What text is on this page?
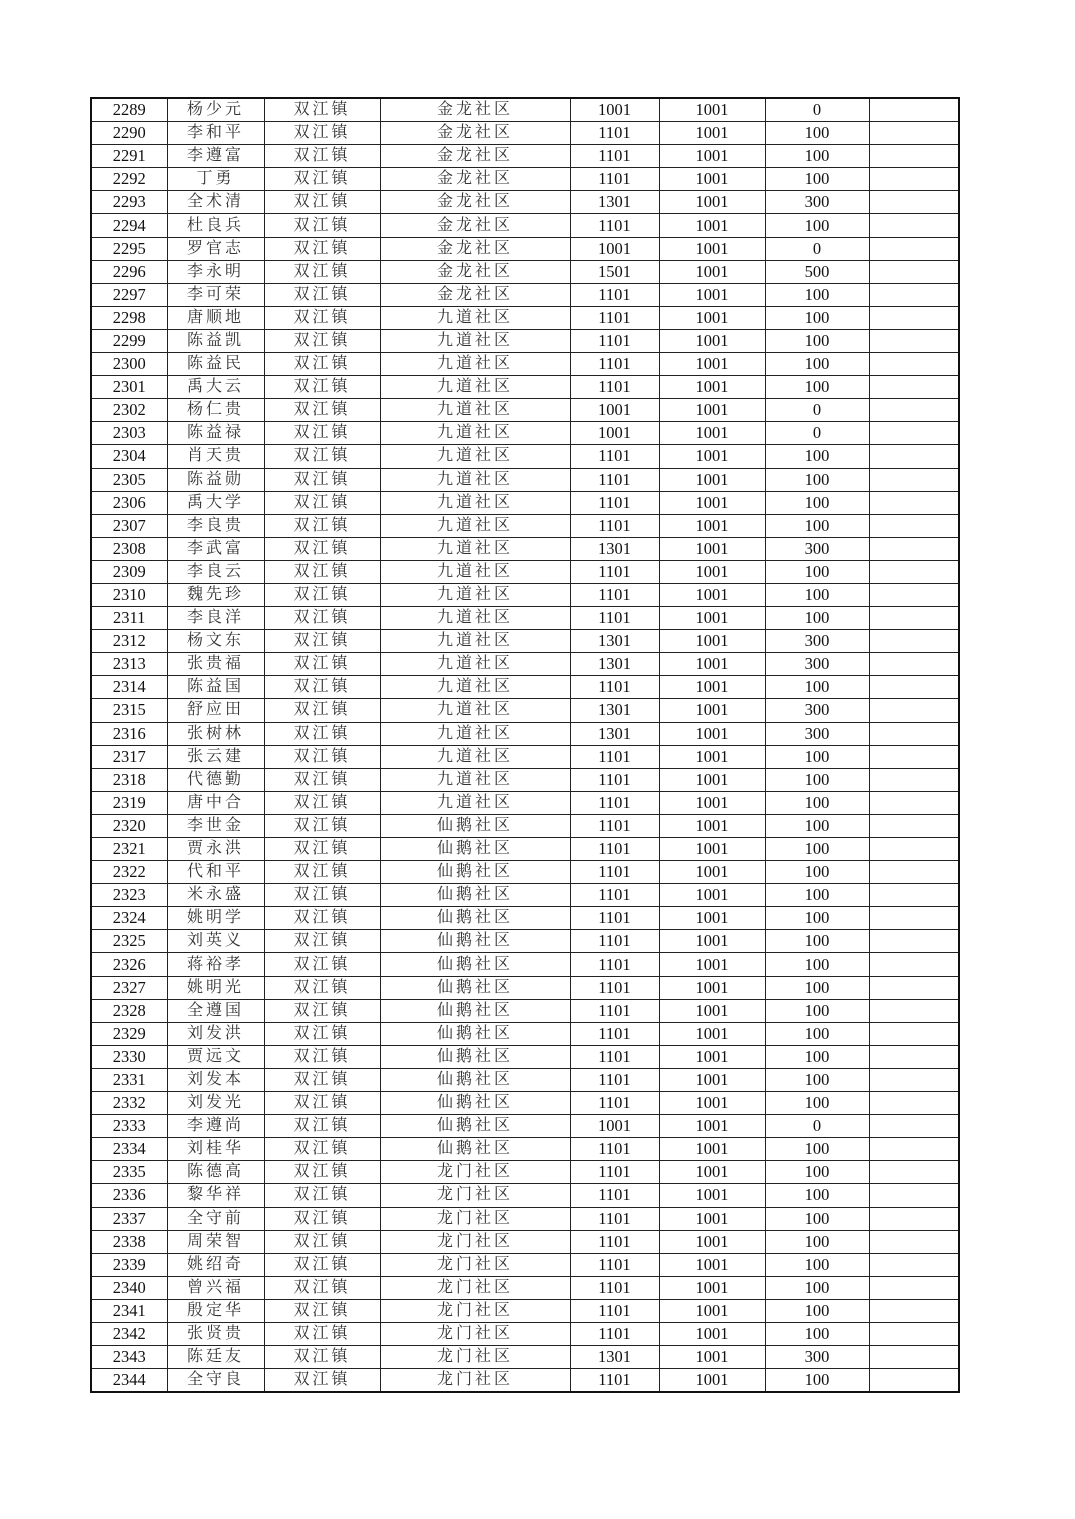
2289	杨少元	双江镇	金龙社区	1001	1001	0	
2290	李和平	双江镇	金龙社区	1101	1001	100	
2291	李遵富	双江镇	金龙社区	1101	1001	100	
2292	丁勇	双江镇	金龙社区	1101	1001	100	
2293	全术清	双江镇	金龙社区	1301	1001	300	
2294	杜良兵	双江镇	金龙社区	1101	1001	100	
2295	罗官志	双江镇	金龙社区	1001	1001	0	
2296	李永明	双江镇	金龙社区	1501	1001	500	
2297	李可荣	双江镇	金龙社区	1101	1001	100	
2298	唐顺地	双江镇	九道社区	1101	1001	100	
2299	陈益凯	双江镇	九道社区	1101	1001	100	
2300	陈益民	双江镇	九道社区	1101	1001	100	
2301	禹大云	双江镇	九道社区	1101	1001	100	
2302	杨仁贵	双江镇	九道社区	1001	1001	0	
2303	陈益禄	双江镇	九道社区	1001	1001	0	
2304	肖天贵	双江镇	九道社区	1101	1001	100	
2305	陈益勋	双江镇	九道社区	1101	1001	100	
2306	禹大学	双江镇	九道社区	1101	1001	100	
2307	李良贵	双江镇	九道社区	1101	1001	100	
2308	李武富	双江镇	九道社区	1301	1001	300	
2309	李良云	双江镇	九道社区	1101	1001	100	
2310	魏先珍	双江镇	九道社区	1101	1001	100	
2311	李良洋	双江镇	九道社区	1101	1001	100	
2312	杨文东	双江镇	九道社区	1301	1001	300	
2313	张贵福	双江镇	九道社区	1301	1001	300	
2314	陈益国	双江镇	九道社区	1101	1001	100	
2315	舒应田	双江镇	九道社区	1301	1001	300	
2316	张树林	双江镇	九道社区	1301	1001	300	
2317	张云建	双江镇	九道社区	1101	1001	100	
2318	代德勤	双江镇	九道社区	1101	1001	100	
2319	唐中合	双江镇	九道社区	1101	1001	100	
2320	李世金	双江镇	仙鹅社区	1101	1001	100	
2321	贾永洪	双江镇	仙鹅社区	1101	1001	100	
2322	代和平	双江镇	仙鹅社区	1101	1001	100	
2323	米永盛	双江镇	仙鹅社区	1101	1001	100	
2324	姚明学	双江镇	仙鹅社区	1101	1001	100	
2325	刘英义	双江镇	仙鹅社区	1101	1001	100	
2326	蒋裕孝	双江镇	仙鹅社区	1101	1001	100	
2327	姚明光	双江镇	仙鹅社区	1101	1001	100	
2328	全遵国	双江镇	仙鹅社区	1101	1001	100	
2329	刘发洪	双江镇	仙鹅社区	1101	1001	100	
2330	贾远文	双江镇	仙鹅社区	1101	1001	100	
2331	刘发本	双江镇	仙鹅社区	1101	1001	100	
2332	刘发光	双江镇	仙鹅社区	1101	1001	100	
2333	李遵尚	双江镇	仙鹅社区	1001	1001	0	
2334	刘桂华	双江镇	仙鹅社区	1101	1001	100	
2335	陈德高	双江镇	龙门社区	1101	1001	100	
2336	黎华祥	双江镇	龙门社区	1101	1001	100	
2337	全守前	双江镇	龙门社区	1101	1001	100	
2338	周荣智	双江镇	龙门社区	1101	1001	100	
2339	姚绍奇	双江镇	龙门社区	1101	1001	100	
2340	曾兴福	双江镇	龙门社区	1101	1001	100	
2341	殷定华	双江镇	龙门社区	1101	1001	100	
2342	张贤贵	双江镇	龙门社区	1101	1001	100	
2343	陈廷友	双江镇	龙门社区	1301	1001	300	
2344	全守良	双江镇	龙门社区	1101	1001	100	
